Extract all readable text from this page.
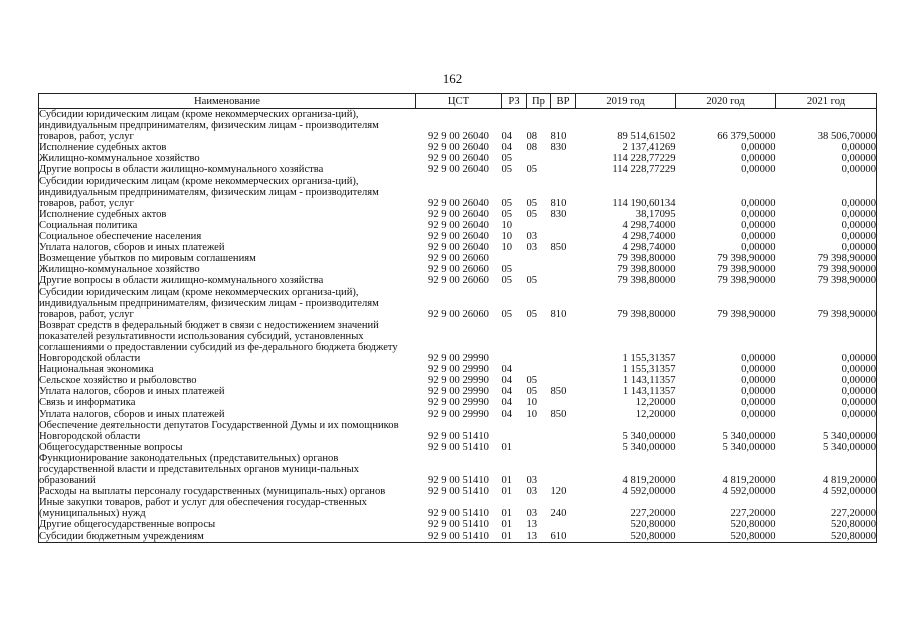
162
Наименование	ЦСТ	РЗ	Пр	ВР	2019 год	2020 год	2021 год
Субсидии юридическим лицам (кроме некоммерческих организа-ций), индивидуальным предпринимателям, физическим лицам - производителям товаров, работ, услуг	92 9 00 26040	04	08	810	89 514,61502	66 379,50000	38 506,70000
Исполнение судебных актов	92 9 00 26040	04	08	830	2 137,41269	0,00000	0,00000
Жилищно-коммунальное хозяйство	92 9 00 26040	05			114 228,77229	0,00000	0,00000
Другие вопросы в области жилищно-коммунального хозяйства	92 9 00 26040	05	05		114 228,77229	0,00000	0,00000
Субсидии юридическим лицам (кроме некоммерческих организа-ций), индивидуальным предпринимателям, физическим лицам - производителям товаров, работ, услуг	92 9 00 26040	05	05	810	114 190,60134	0,00000	0,00000
Исполнение судебных актов	92 9 00 26040	05	05	830	38,17095	0,00000	0,00000
Социальная политика	92 9 00 26040	10			4 298,74000	0,00000	0,00000
Социальное обеспечение населения	92 9 00 26040	10	03		4 298,74000	0,00000	0,00000
Уплата налогов, сборов и иных платежей	92 9 00 26040	10	03	850	4 298,74000	0,00000	0,00000
Возмещение убытков по мировым соглашениям	92 9 00 26060				79 398,80000	79 398,90000	79 398,90000
Жилищно-коммунальное хозяйство	92 9 00 26060	05			79 398,80000	79 398,90000	79 398,90000
Другие вопросы в области жилищно-коммунального хозяйства	92 9 00 26060	05	05		79 398,80000	79 398,90000	79 398,90000
Субсидии юридическим лицам (кроме некоммерческих организа-ций), индивидуальным предпринимателям, физическим лицам - производителям товаров, работ, услуг	92 9 00 26060	05	05	810	79 398,80000	79 398,90000	79 398,90000
Возврат средств в федеральный бюджет в связи с недостижением значений показателей результативности использования субсидий, установленных соглашениями о предоставлении субсидий из фе-дерального бюджета бюджету Новгородской области	92 9 00 29990				1 155,31357	0,00000	0,00000
Национальная экономика	92 9 00 29990	04			1 155,31357	0,00000	0,00000
Сельское хозяйство и рыболовство	92 9 00 29990	04	05		1 143,11357	0,00000	0,00000
Уплата налогов, сборов и иных платежей	92 9 00 29990	04	05	850	1 143,11357	0,00000	0,00000
Связь и информатика	92 9 00 29990	04	10		12,20000	0,00000	0,00000
Уплата налогов, сборов и иных платежей	92 9 00 29990	04	10	850	12,20000	0,00000	0,00000
Обеспечение деятельности депутатов Государственной Думы и их помощников Новгородской области	92 9 00 51410				5 340,00000	5 340,00000	5 340,00000
Общегосударственные вопросы	92 9 00 51410	01			5 340,00000	5 340,00000	5 340,00000
Функционирование законодательных (представительных) органов государственной власти и представительных органов муници-пальных образований	92 9 00 51410	01	03		4 819,20000	4 819,20000	4 819,20000
Расходы на выплаты персоналу государственных (муниципаль-ных) органов	92 9 00 51410	01	03	120	4 592,00000	4 592,00000	4 592,00000
Иные закупки товаров, работ и услуг для обеспечения государ-ственных (муниципальных) нужд	92 9 00 51410	01	03	240	227,20000	227,20000	227,20000
Другие общегосударственные вопросы	92 9 00 51410	01	13		520,80000	520,80000	520,80000
Субсидии бюджетным учреждениям	92 9 00 51410	01	13	610	520,80000	520,80000	520,80000
